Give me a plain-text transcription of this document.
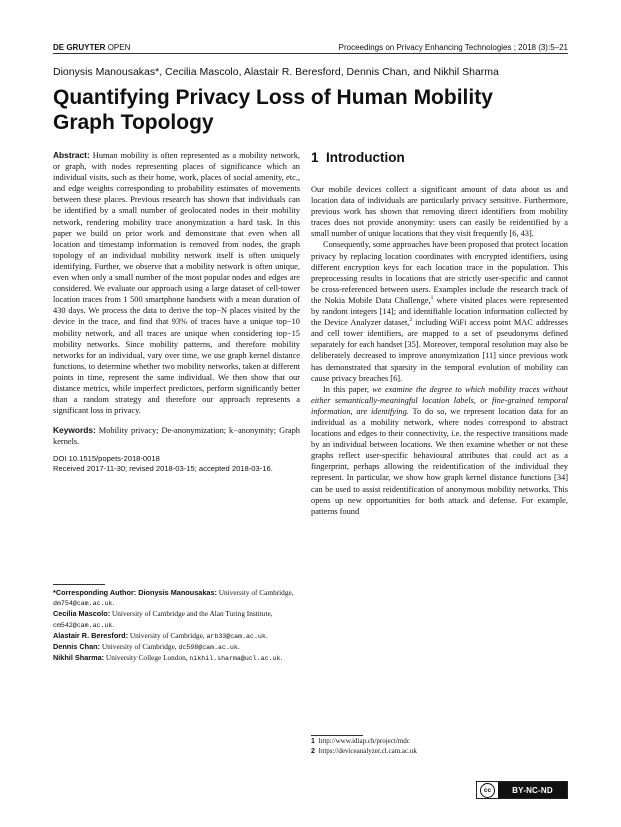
DE GRUYTER OPEN	Proceedings on Privacy Enhancing Technologies ; 2018 (3):5–21
Dionysis Manousakas*, Cecilia Mascolo, Alastair R. Beresford, Dennis Chan, and Nikhil Sharma
Quantifying Privacy Loss of Human Mobility Graph Topology

Abstract: Human mobility is often represented as a mobility network, or graph, with nodes representing places of significance which an individual visits, such as their home, work, places of social amenity, etc., and edge weights corresponding to probability estimates of movements between these places. Previous research has shown that individuals can be identified by a small number of geolocated nodes in their mobility network, rendering mobility trace anonymization a hard task. In this paper we build on prior work and demonstrate that even when all location and timestamp information is removed from nodes, the graph topology of an individual mobility network itself is often uniquely identifying. Further, we observe that a mobility network is often unique, even when only a small number of the most popular nodes and edges are considered. We evaluate our approach using a large dataset of cell-tower location traces from 1 500 smartphone handsets with a mean duration of 430 days. We process the data to derive the top−N places visited by the device in the trace, and find that 93% of traces have a unique top−10 mobility network, and all traces are unique when considering top−15 mobility networks. Since mobility patterns, and therefore mobility networks for an individual, vary over time, we use graph kernel distance functions, to determine whether two mobility networks, taken at different points in time, represent the same individual. We then show that our distance metrics, while imperfect predictors, perform significantly better than a random strategy and therefore our approach represents a significant loss in privacy.

Keywords: Mobility privacy; De-anonymization; k−anonymity; Graph kernels.

DOI 10.1515/popets-2018-0018

Received 2017-11-30; revised 2018-03-15; accepted 2018-03-16.

*Corresponding Author: Dionysis Manousakas: University of Cambridge, dm754@cam.ac.uk.

Cecilia Mascolo: University of Cambridge and the Alan Turing Institute, cm542@cam.ac.uk.

Alastair R. Beresford: University of Cambridge, arb33@cam.ac.uk.

Dennis Chan: University of Cambridge, dc598@cam.ac.uk.

Nikhil Sharma: University College London, nikhil.sharma@ucl.ac.uk.

1 Introduction

Our mobile devices collect a significant amount of data about us and location data of individuals are particularly privacy sensitive. Furthermore, previous work has shown that removing direct identifiers from mobility traces does not provide anonymity: users can easily be reidentified by a small number of unique locations that they visit frequently [6, 43].

Consequently, some approaches have been proposed that protect location privacy by replacing location coordinates with encrypted identifiers, using different encryption keys for each location trace in the population. This preprocessing results in locations that are strictly user-specific and cannot be cross-referenced between users. Examples include the research track of the Nokia Mobile Data Challenge,$^1$ where visited places were represented by random integers [14]; and identifiable location information collected by the Device Analyzer dataset,$^2$ including WiFi access point MAC addresses and cell tower identifiers, are mapped to a set of pseudonyms defined separately for each handset [35]. Moreover, temporal resolution may also be deliberately decreased to improve anonymization [11] since previous work has demonstrated that sparsity in the temporal evolution of mobility can cause privacy breaches [6].

In this paper, we examine the degree to which mobility traces without either semantically-meaningful location labels, or fine-grained temporal information, are identifying. To do so, we represent location data for an individual as a mobility network, where nodes correspond to abstract locations and edges to their connectivity, i.e. the respective transitions made by an individual between locations. We then examine whether or not these graphs reflect user-specific behavioural attributes that could act as a fingerprint, perhaps allowing the reidentification of the individual they represent. In particular, we show how graph kernel distance functions [34] can be used to assist reidentification of anonymous mobility networks. This opens up new opportunities for both attack and defense. For example, patterns found

1 http://www.idiap.ch/project/mdc
2 https://deviceanalyzer.cl.cam.ac.uk
cc	BY-NC-ND
